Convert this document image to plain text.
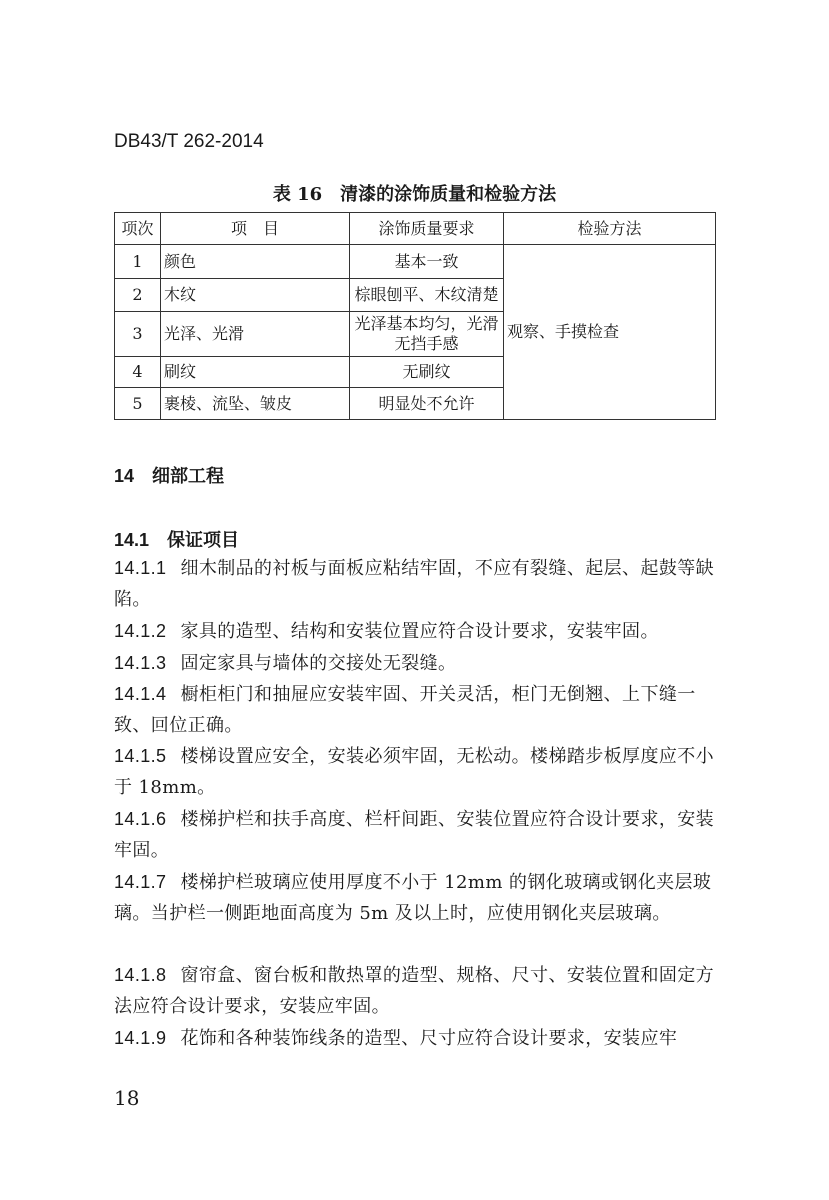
DB43/T 262-2014
表 16　清漆的涂饰质量和检验方法
项次	项　目	涂饰质量要求	检验方法
1	颜色	基本一致	观察、手摸检查
2	木纹	棕眼刨平、木纹清楚	
3	光泽、光滑	光泽基本均匀，光滑无挡手感	
4	刷纹	无刷纹	
5	裹棱、流坠、皱皮	明显处不允许	
14 细部工程
14.1 保证项目
14.1.1 细木制品的衬板与面板应粘结牢固，不应有裂缝、起层、起鼓等缺陷。
14.1.2 家具的造型、结构和安装位置应符合设计要求，安装牢固。
14.1.3 固定家具与墙体的交接处无裂缝。
14.1.4 橱柜柜门和抽屉应安装牢固、开关灵活，柜门无倒翘、上下缝一致、回位正确。
14.1.5 楼梯设置应安全，安装必须牢固，无松动。楼梯踏步板厚度应不小于 18mm。
14.1.6 楼梯护栏和扶手高度、栏杆间距、安装位置应符合设计要求，安装牢固。
14.1.7 楼梯护栏玻璃应使用厚度不小于 12mm 的钢化玻璃或钢化夹层玻璃。当护栏一侧距地面高度为 5m 及以上时，应使用钢化夹层玻璃。
14.1.8 窗帘盒、窗台板和散热罩的造型、规格、尺寸、安装位置和固定方法应符合设计要求，安装应牢固。
14.1.9 花饰和各种装饰线条的造型、尺寸应符合设计要求，安装应牢
18
